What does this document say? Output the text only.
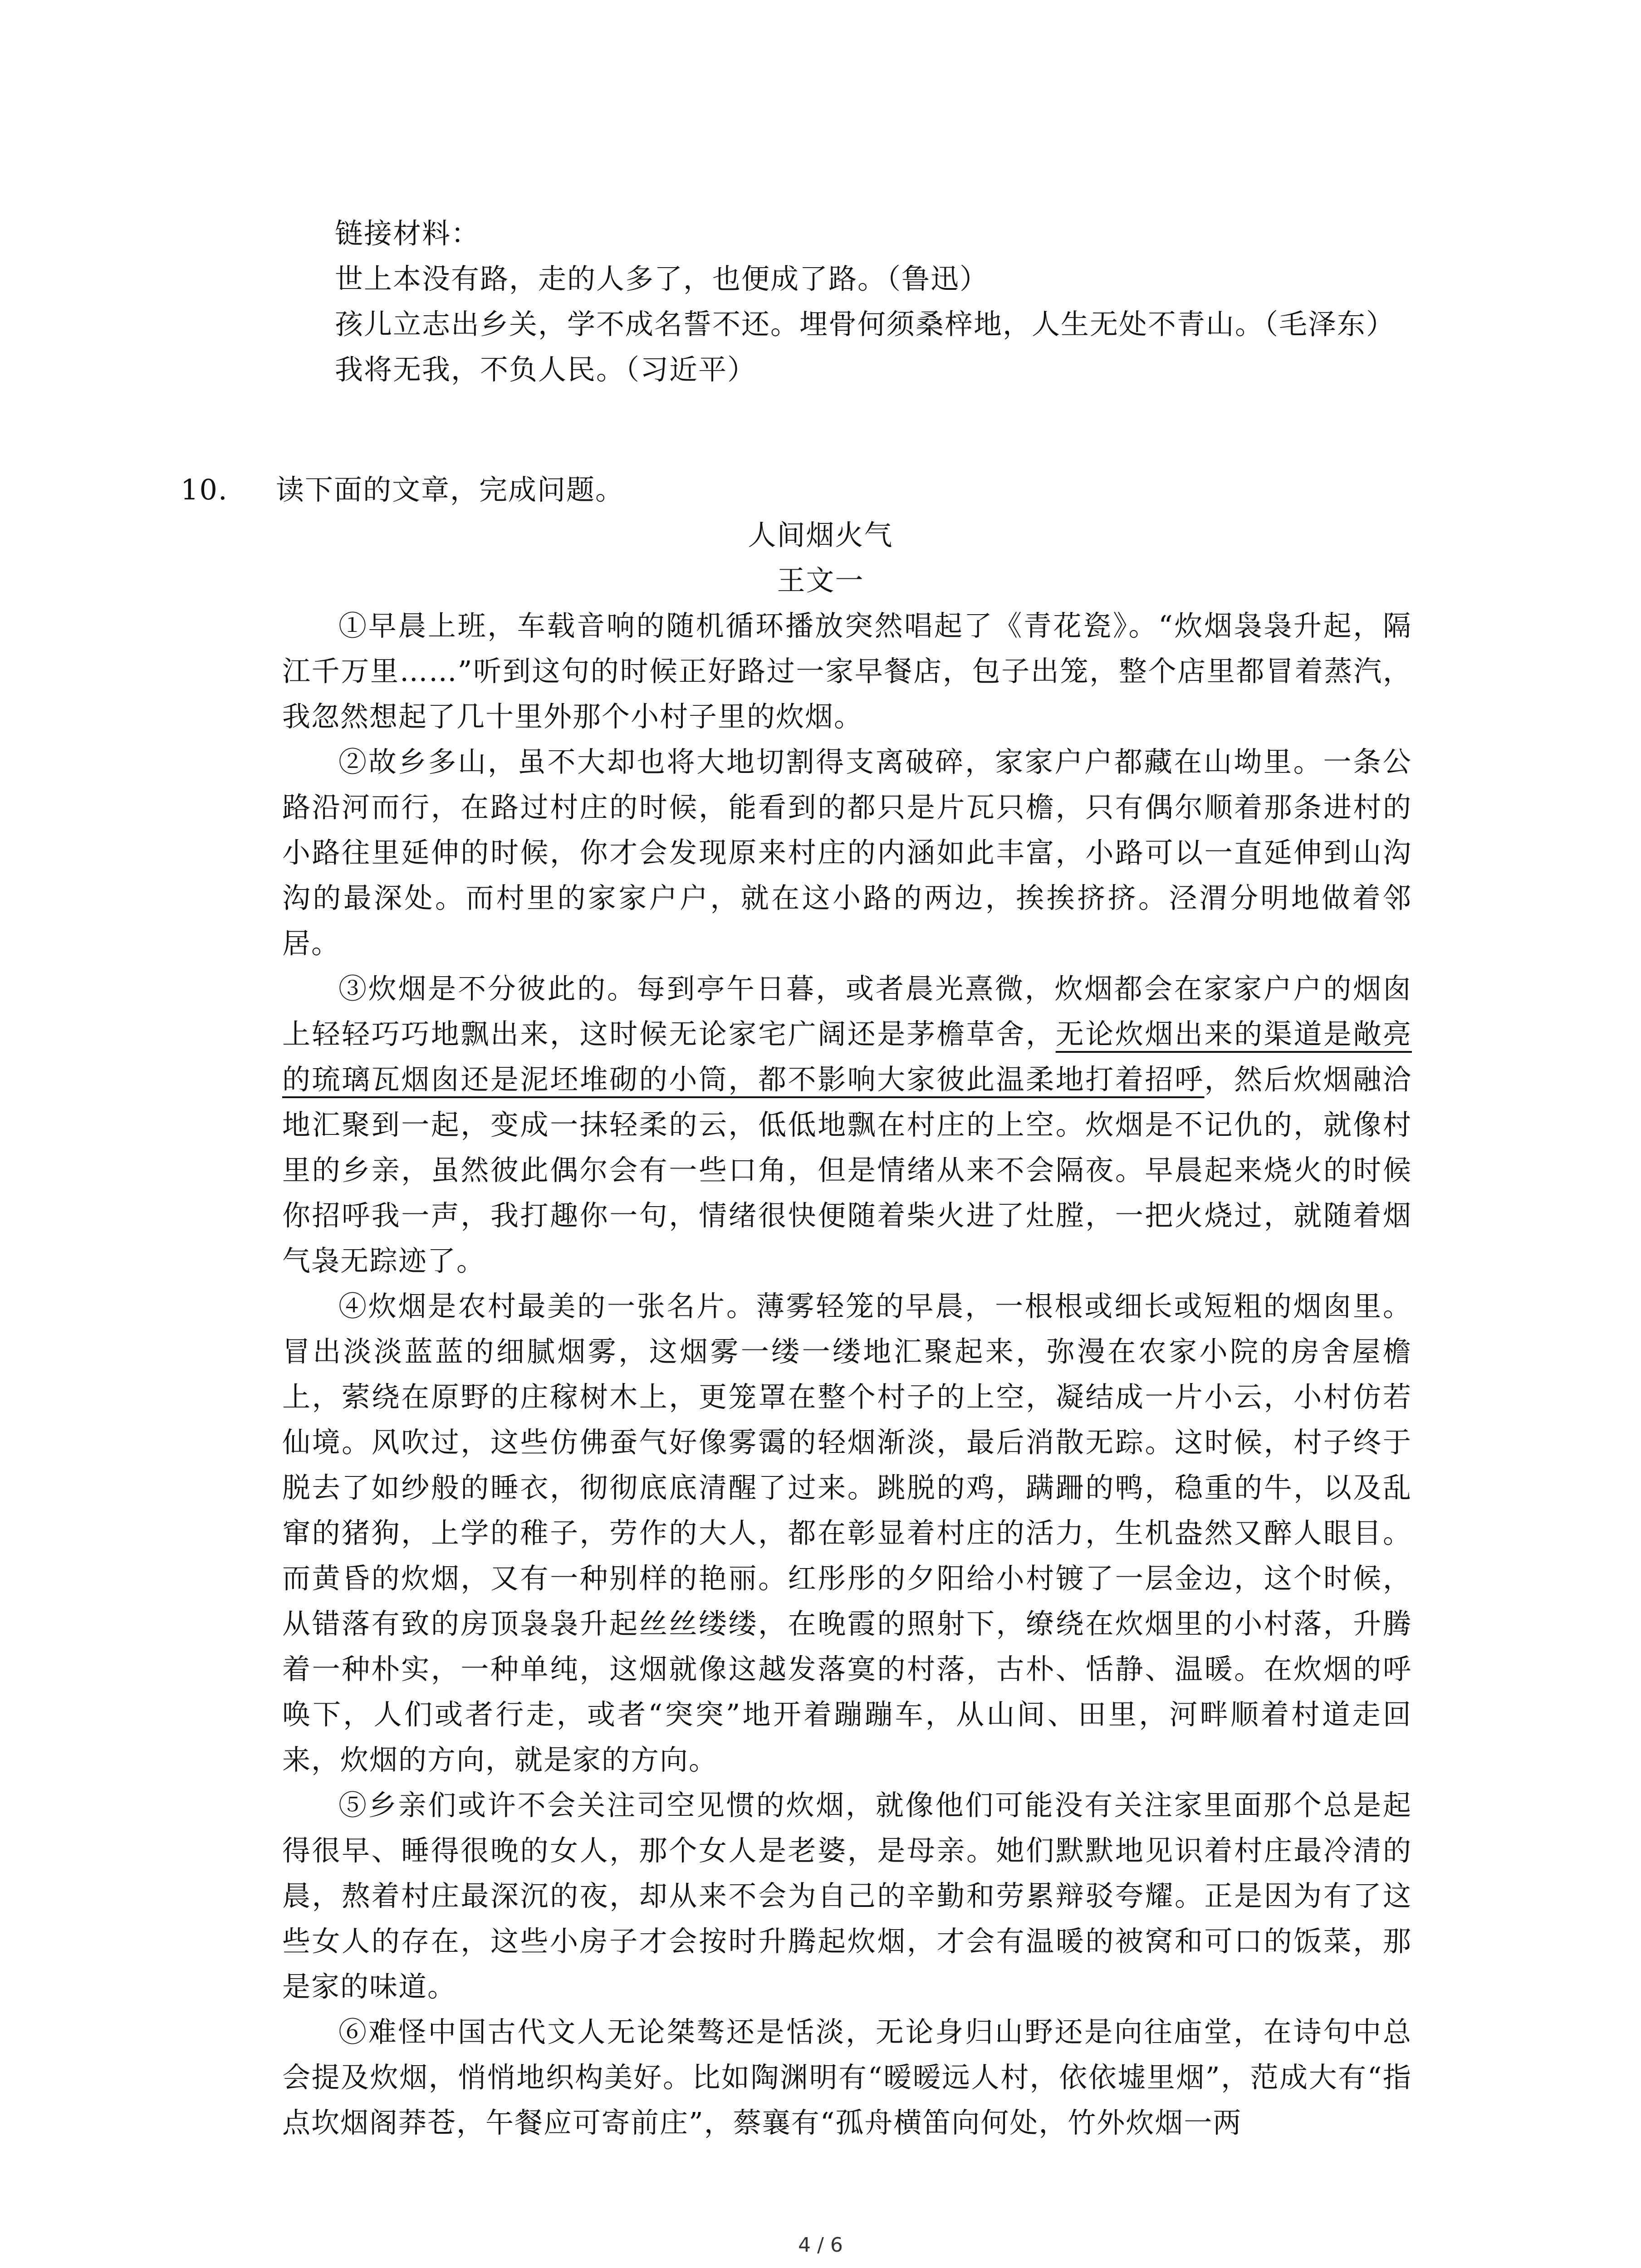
链接材料：

世上本没有路，走的人多了，也便成了路。（鲁迅）

孩儿立志出乡关，学不成名誓不还。埋骨何须桑梓地，人生无处不青山。（毛泽东）

我将无我，不负人民。（习近平）

10. 读下面的文章，完成问题。
人间烟火气
王文一

①早晨上班，车载音响的随机循环播放突然唱起了《青花瓷》。“炊烟袅袅升起，隔江千万里……”听到这句的时候正好路过一家早餐店，包子出笼，整个店里都冒着蒸汽，我忽然想起了几十里外那个小村子里的炊烟。

②故乡多山，虽不大却也将大地切割得支离破碎，家家户户都藏在山坳里。一条公路沿河而行，在路过村庄的时候，能看到的都只是片瓦只檐，只有偶尔顺着那条进村的小路往里延伸的时候，你才会发现原来村庄的内涵如此丰富，小路可以一直延伸到山沟沟的最深处。而村里的家家户户，就在这小路的两边，挨挨挤挤。泾渭分明地做着邻居。

③炊烟是不分彼此的。每到亭午日暮，或者晨光熹微，炊烟都会在家家户户的烟囱上轻轻巧巧地飘出来，这时候无论家宅广阔还是茅檐草舍，无论炊烟出来的渠道是敞亮的琉璃瓦烟囱还是泥坯堆砌的小筒，都不影响大家彼此温柔地打着招呼，然后炊烟融洽地汇聚到一起，变成一抹轻柔的云，低低地飘在村庄的上空。炊烟是不记仇的，就像村里的乡亲，虽然彼此偶尔会有一些口角，但是情绪从来不会隔夜。早晨起来烧火的时候你招呼我一声，我打趣你一句，情绪很快便随着柴火进了灶膛，一把火烧过，就随着烟气袅无踪迹了。

④炊烟是农村最美的一张名片。薄雾轻笼的早晨，一根根或细长或短粗的烟囱里。冒出淡淡蓝蓝的细腻烟雾，这烟雾一缕一缕地汇聚起来，弥漫在农家小院的房舍屋檐上，萦绕在原野的庄稼树木上，更笼罩在整个村子的上空，凝结成一片小云，小村仿若仙境。风吹过，这些仿佛蚕气好像雾霭的轻烟渐淡，最后消散无踪。这时候，村子终于脱去了如纱般的睡衣，彻彻底底清醒了过来。跳脱的鸡，蹒跚的鸭，稳重的牛，以及乱窜的猪狗，上学的稚子，劳作的大人，都在彰显着村庄的活力，生机盎然又醉人眼目。而黄昏的炊烟，又有一种别样的艳丽。红彤彤的夕阳给小村镀了一层金边，这个时候，从错落有致的房顶袅袅升起丝丝缕缕，在晚霞的照射下，缭绕在炊烟里的小村落，升腾着一种朴实，一种单纯，这烟就像这越发落寞的村落，古朴、恬静、温暖。在炊烟的呼唤下，人们或者行走，或者“突突”地开着蹦蹦车，从山间、田里，河畔顺着村道走回来，炊烟的方向，就是家的方向。

⑤乡亲们或许不会关注司空见惯的炊烟，就像他们可能没有关注家里面那个总是起得很早、睡得很晚的女人，那个女人是老婆，是母亲。她们默默地见识着村庄最冷清的晨，熬着村庄最深沉的夜，却从来不会为自己的辛勤和劳累辩驳夸耀。正是因为有了这些女人的存在，这些小房子才会按时升腾起炊烟，才会有温暖的被窝和可口的饭菜，那是家的味道。

⑥难怪中国古代文人无论桀骜还是恬淡，无论身归山野还是向往庙堂，在诗句中总会提及炊烟，悄悄地织构美好。比如陶渊明有“暧暧远人村，依依墟里烟”，范成大有“指点坎烟阁莽苍，午餐应可寄前庄”，蔡襄有“孤舟横笛向何处，竹外炊烟一两

4 / 6
